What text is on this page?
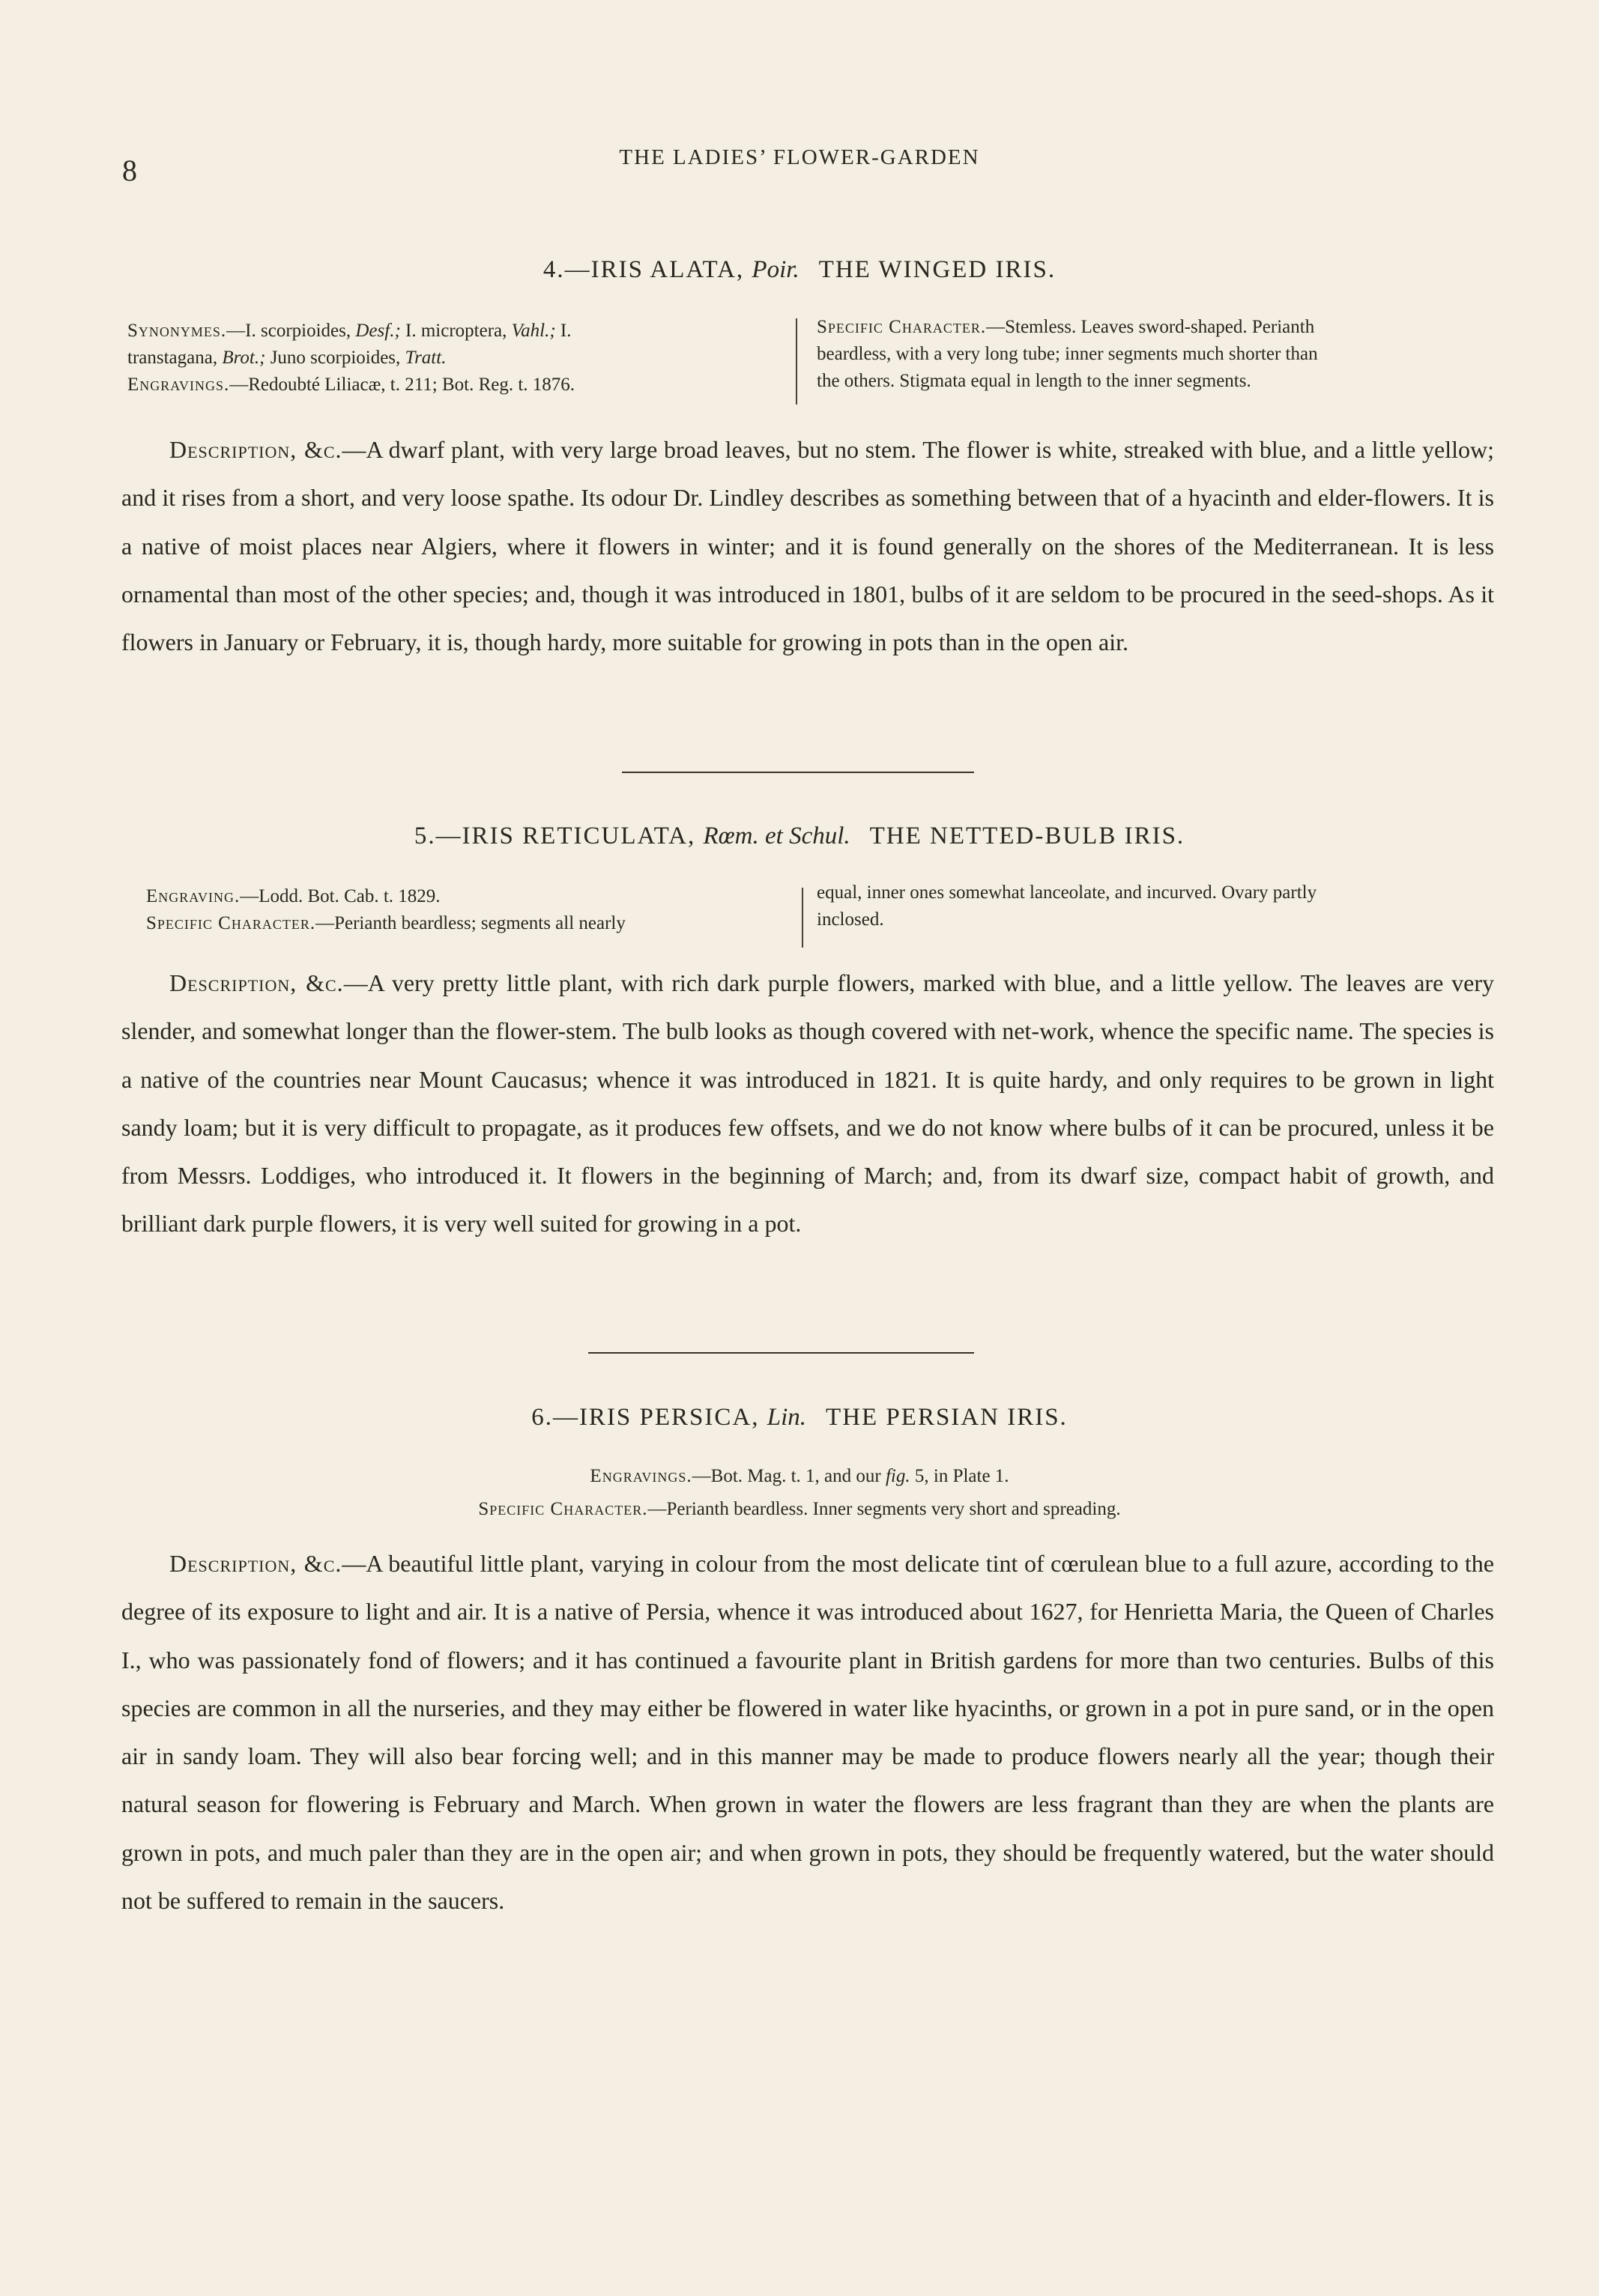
8	THE LADIES’ FLOWER-GARDEN
4.—IRIS ALATA, Poir. THE WINGED IRIS.
Synonymes.—I. scorpioides, Desf.; I. microptera, Vahl.; I.
transtagana, Brot.; Juno scorpioides, Tratt.
Engravings.—Redoubté Liliacæ, t. 211; Bot. Reg. t. 1876.
Specific Character.—Stemless. Leaves sword-shaped. Perianth
beardless, with a very long tube; inner segments much shorter than
the others. Stigmata equal in length to the inner segments.
Description, &c.—A dwarf plant, with very large broad leaves, but no stem. The flower is white, streaked with blue, and a little yellow; and it rises from a short, and very loose spathe. Its odour Dr. Lindley describes as something between that of a hyacinth and elder-flowers. It is a native of moist places near Algiers, where it flowers in winter; and it is found generally on the shores of the Mediterranean. It is less ornamental than most of the other species; and, though it was introduced in 1801, bulbs of it are seldom to be procured in the seed-shops. As it flowers in January or February, it is, though hardy, more suitable for growing in pots than in the open air.
5.—IRIS RETICULATA, Rœm. et Schul. THE NETTED-BULB IRIS.
Engraving.—Lodd. Bot. Cab. t. 1829.
Specific Character.—Perianth beardless; segments all nearly
equal, inner ones somewhat lanceolate, and incurved. Ovary partly
inclosed.
Description, &c.—A very pretty little plant, with rich dark purple flowers, marked with blue, and a little yellow. The leaves are very slender, and somewhat longer than the flower-stem. The bulb looks as though covered with net-work, whence the specific name. The species is a native of the countries near Mount Caucasus; whence it was introduced in 1821. It is quite hardy, and only requires to be grown in light sandy loam; but it is very difficult to propagate, as it produces few offsets, and we do not know where bulbs of it can be procured, unless it be from Messrs. Loddiges, who introduced it. It flowers in the beginning of March; and, from its dwarf size, compact habit of growth, and brilliant dark purple flowers, it is very well suited for growing in a pot.
6.—IRIS PERSICA, Lin. THE PERSIAN IRIS.
Engravings.—Bot. Mag. t. 1, and our fig. 5, in Plate 1.
Specific Character.—Perianth beardless. Inner segments very short and spreading.
Description, &c.—A beautiful little plant, varying in colour from the most delicate tint of cœrulean blue to a full azure, according to the degree of its exposure to light and air. It is a native of Persia, whence it was introduced about 1627, for Henrietta Maria, the Queen of Charles I., who was passionately fond of flowers; and it has continued a favourite plant in British gardens for more than two centuries. Bulbs of this species are common in all the nurseries, and they may either be flowered in water like hyacinths, or grown in a pot in pure sand, or in the open air in sandy loam. They will also bear forcing well; and in this manner may be made to produce flowers nearly all the year; though their natural season for flowering is February and March. When grown in water the flowers are less fragrant than they are when the plants are grown in pots, and much paler than they are in the open air; and when grown in pots, they should be frequently watered, but the water should not be suffered to remain in the saucers.
